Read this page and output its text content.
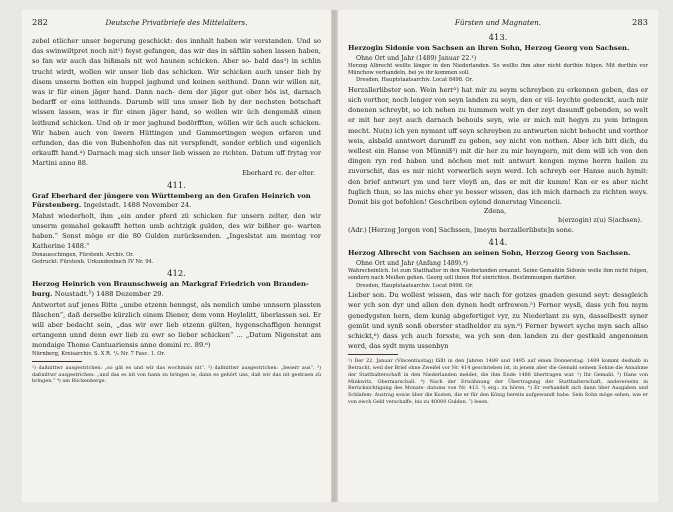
282	Deutsche Privatbriefe des Mittelalters.

zebel etlicher unser begerung geschickt: des innhalt haben wir verstanden. Und so das swinwiltpret noch nit¹) feyst gefangen, das wir das in säftlin sahen lassen haben, so fan wir auch das bißmals nit wol haunen schicken. Aber so- bald das³) in schlin trucht wirdt, wollen wir unser lieb das schicken. Wir schicken auch unser lieb by disem unserm botten ein huppel jaghund und keinen seithund. Dann wir willen nit, was ir für einen jäger hand. Dann nach- dem der jäger gut ober bös ist, darnach bedarff er eins leithunds. Darumb will uns unser lieb by der nechsten botschaft wissen lassen, was ir für einen jäger hand, so wollen wir üch dengemäß einen leithund schicken. Und ob ir mer jaghund bedörfften, wöllen wir üch auch schicken. Wir haben auch von üwern Hüttingen und Gammertingen wegen erfaren und erfunden, das die von Bubenhofen das nit verspfendt, sonder erblich und eigenlich erkaufft hand.⁴) Darnach mag sich unser lieb wissen ze richten. Datum uff frytag vor Martini anno 88.

Eberhard rc. der elter.

411.

Graf Eberhard der jüngere von Württemberg an den Grafen Heinrich von Fürstenberg. Ingelstadt. 1488 November 24.

Mahnt wiederholt, ihm „ein ander pferd zü schicken fur unsern zelter, den wir unserm gemahel gekaufft hetten umb achtzigk gulden, des wir bißher ge- warten haben.“ Sonst möge er die 80 Gulden zurücksenden. „Ingeslstat am mentag vor Katherine 1488.“

Donaueschingen, Fürstenb. Archiv. Or.

Gedruckt: Fürstenb. Urkundenbuch IV Nr. 94.

412.

Herzog Heinrich von Braunschweig an Markgraf Friedrich von Branden- burg. Neustadt.⁵) 1488 Dezember 29.

Antwortet auf jenes Bitte „umbe etzenn henngst, als nemlich umbe unnsern plassten fläschen“, daß derselbe kürzlich einem Diener, dem vonn Heylelitt, überlassen sei. Er will aber bedacht sein, „das wir ewr lieb etzenn gülten, hygenschaffigen henngst ertangenn unnd denn ewr lieb zu ewr so lieber schicken“ ... „Datum Nigenstat am mondaige Thome Cantuariensis anno domini rc. 89.⁶)

Nürnberg, Kreisarchiv. S. X R. ¹/₂ Nr. 7 Fasc. 1. Or.

¹) daßnittwr ausgestrichen: „so gät es und wir das wochmals nit“. ²) daßnittwr ausgestrichen: „beserr aus“. ³) daßnittwr ausgestrichen: „und das es nit von hann zu bringen ie, dann es gehört uns, daß wir das nit gestraen zü bringen.“ ⁴) am Rückenberge.

Fürsten und Magnaten.	283

413.

Herzogin Sidonie von Sachsen an ihren Sohn, Herzog Georg von Sachsen.

Ohne Ort und Jahr (1489) Januar 22.¹)

Herzog Albrecht weilte länger in den Niederlanden. So wollte ihm aber nicht dorthin folgen. Mit dorthin vor Münchow verhandeln, bei ye ihr kommen soll.

Dresden, Hauptstaatsarchiv. Locat 8498. Or.

Herzallerlibster son. Wein herr²) hat mir zu seym schreyben zu erkennen geben, das er sich vorthor, noch lenger von seyn landen zu seyn, den er vil- leychte gedenckt, auch mir donenen schreybt, so ich nehen zu hummen welt yn der zeyt dasumff gebenden, so welt er mit her zeyt auch darnach behouls seyn, wie er mich mit hegyn zu yem bringen mecht. Nu(n) ich yen nymant uff seyn schreyben zu antwurten nicht behocht und vorthor weis, alsbald anntwort darumff zu geben, sey nicht von nothen. Aber ich bitt dich, du wellest ein Hanse von Münniß³) mit dir her zu mir heyngern, mit dem will ich von den dingen ryn red haben und nöchen met mit antwurt kengen myme herrn hailen zu zuvorschit, das es mir nicht vorwerlich seyn werd. Ich schreyb eer Hanse auch hymit: den brief antwurt ym und terr vleyß an, das er mit dir kumm! Kan er es aber nicht fuglich thun, so las michs eher ye besser wissen, das ich mich darnach zu richten weys. Domit bis got befohlen! Geschriben eylend donerstag Vincencii.

Zdena,

h(erzogin) z(u) S(achsen).

(Adr.) [Herzog Jorgen von] Sachssen, [meym herzallerlibste]n sone.

414.

Herzog Albrecht von Sachsen an seinen Sohn, Herzog Georg von Sachsen.

Ohne Ort und Jahr (Anfang 1489).⁴)

Wahrscheinlich. Ist zum Statthalter in den Niederlanden ernannt. Seine Gemahlin Sidonie wolle ihm nicht folgen, sondern nach Meißen gehen. Georg soll ihnen Hof einrichten. Bestimmungen darüber.

Dresden, Hauptstaatsarchiv. Locat 8498. Or.

Lieber son. Du wollest wissen, das wir nach for gotzes gnaden gesund seyt: dessgleich wer ych son dyr und allen den dynen hedt erfrewen.⁵) Ferner wysß, dass ych fou mym genedygsten hern, dem kunig abgefertiget vyr, zu Niederlant zu syn, dasselbestt syner gemüt und synß sonß oberster stadhelder zu syn.⁶) Ferner bywert syche myn sach allso schickt,⁶) dass ych auch forsste, wa ych son den landen zu der gestkald angenomen werd, das sydt mym ussenbyn

¹) Der 22. Januar (Vincentiustag) fällt in den Jahren 1489 und 1495 auf einen Donnerstag. 1489 kommt deshalb in Betracht, weil der Brief ohne Zweifel vor Nr. 414 geschrieben ist, in jenem aber die Gemahl seinem Sohne die Annahme der Statthalterschaft in den Niederlanden meldet, die ihm Ende 1488 übertragen war. ²) Ihr Gemahl. ³) Hans von Minkwitz, Obermarschall. ⁴) Nach der Erwähnung der Übertragung der Statthalterschaft, andererseits in Berücksichtigung des Monats- datums von Nr. 413. ⁵) erg.: zu hören. ⁶) Er verhandelt sich dann über Ausgaben und Schlafem- Austrag sowie über die Kosten, die er für den König bereits aufgewandt habe. Sein Sohn möge sehen, wie er von ewch Geld verschaffe, bis zu 40000 Gulden. ⁷) lesen.
